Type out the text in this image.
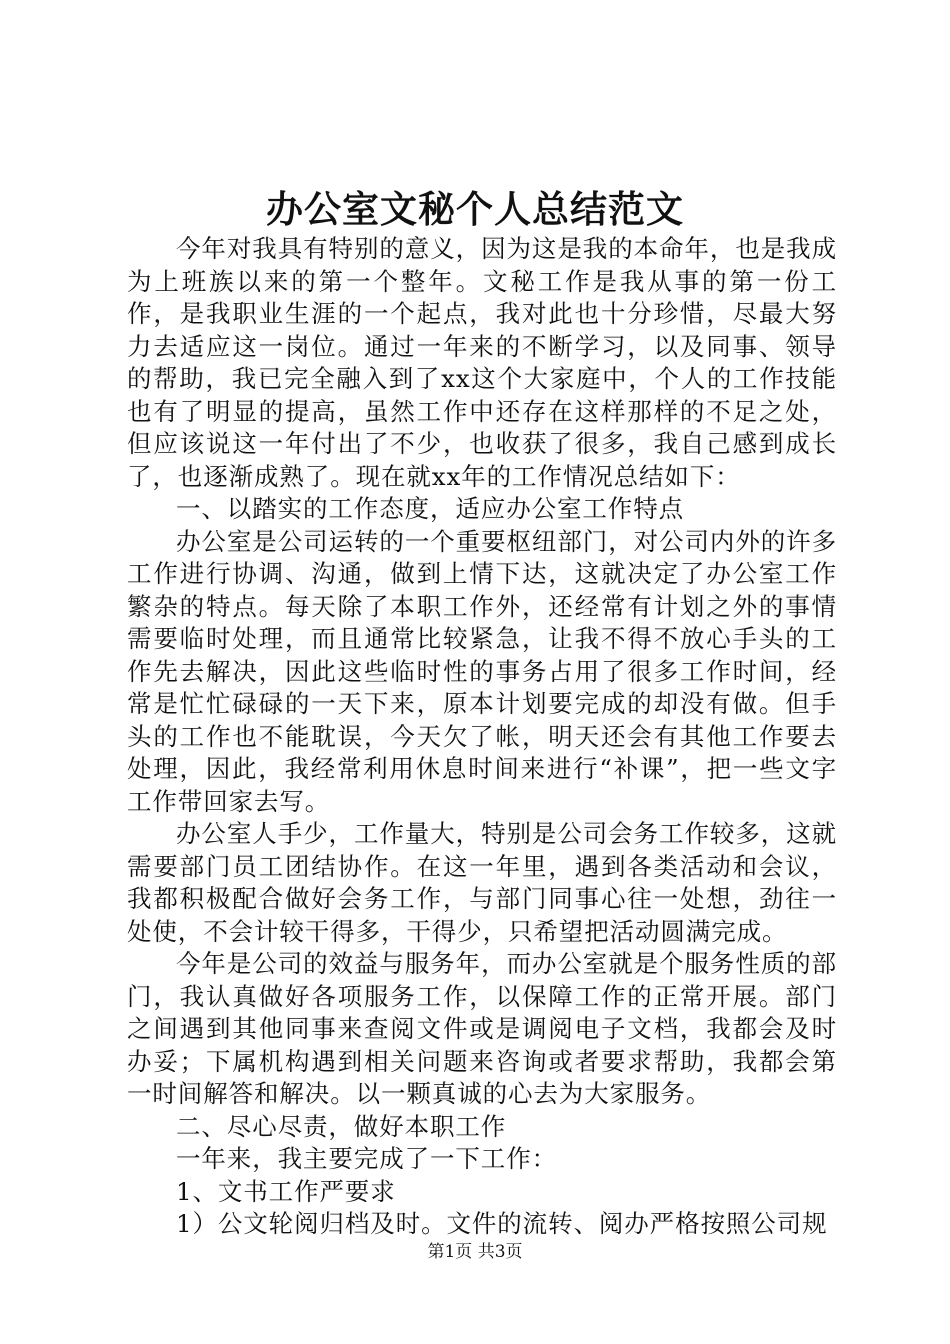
办公室文秘个人总结范文

今年对我具有特别的意义，因为这是我的本命年，也是我成为上班族以来的第一个整年。文秘工作是我从事的第一份工作，是我职业生涯的一个起点，我对此也十分珍惜，尽最大努力去适应这一岗位。通过一年来的不断学习，以及同事、领导的帮助，我已完全融入到了xx这个大家庭中，个人的工作技能也有了明显的提高，虽然工作中还存在这样那样的不足之处，但应该说这一年付出了不少，也收获了很多，我自己感到成长了，也逐渐成熟了。现在就xx年的工作情况总结如下：

一、以踏实的工作态度，适应办公室工作特点

办公室是公司运转的一个重要枢纽部门，对公司内外的许多工作进行协调、沟通，做到上情下达，这就决定了办公室工作繁杂的特点。每天除了本职工作外，还经常有计划之外的事情需要临时处理，而且通常比较紧急，让我不得不放心手头的工作先去解决，因此这些临时性的事务占用了很多工作时间，经常是忙忙碌碌的一天下来，原本计划要完成的却没有做。但手头的工作也不能耽误，今天欠了帐，明天还会有其他工作要去处理，因此，我经常利用休息时间来进行“补课”，把一些文字工作带回家去写。

办公室人手少，工作量大，特别是公司会务工作较多，这就需要部门员工团结协作。在这一年里，遇到各类活动和会议，我都积极配合做好会务工作，与部门同事心往一处想，劲往一处使，不会计较干得多，干得少，只希望把活动圆满完成。

今年是公司的效益与服务年，而办公室就是个服务性质的部门，我认真做好各项服务工作，以保障工作的正常开展。部门之间遇到其他同事来查阅文件或是调阅电子文档，我都会及时办妥；下属机构遇到相关问题来咨询或者要求帮助，我都会第一时间解答和解决。以一颗真诚的心去为大家服务。

二、尽心尽责，做好本职工作

一年来，我主要完成了一下工作：

1、文书工作严要求

1）公文轮阅归档及时。文件的流转、阅办严格按照公司规

第1页 共3页
